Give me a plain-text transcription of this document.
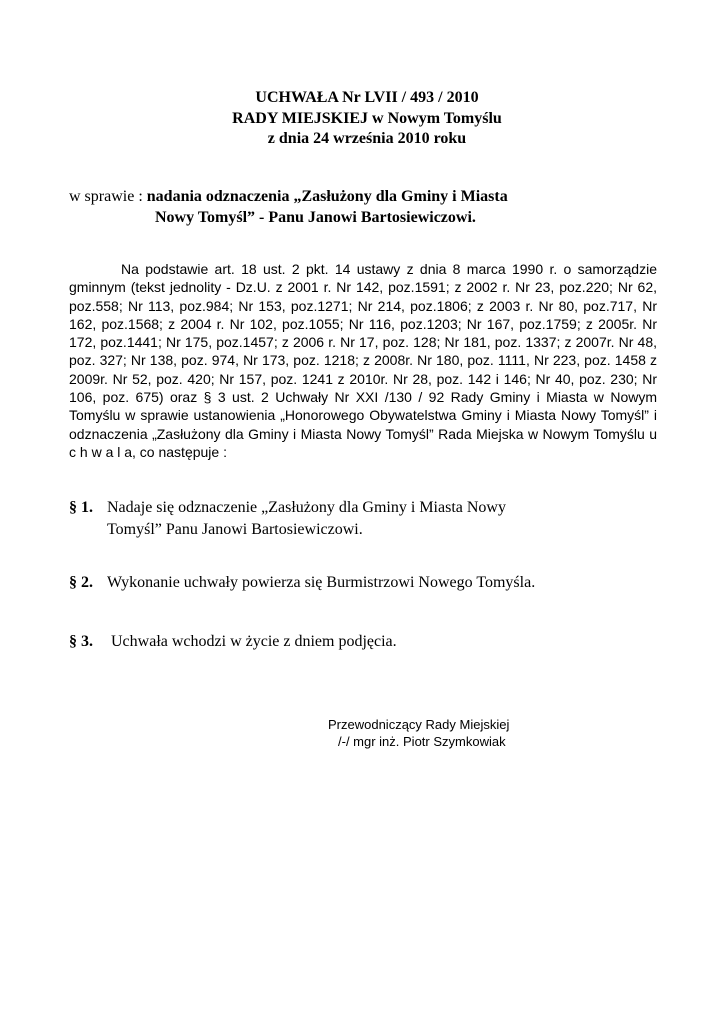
UCHWAŁA Nr LVII / 493 / 2010
RADY MIEJSKIEJ w Nowym Tomyślu
z dnia 24 września 2010 roku
w sprawie : nadania odznaczenia „Zasłużony dla Gminy i Miasta
Nowy Tomyśl” - Panu Janowi Bartosiewiczowi.
Na podstawie art. 18 ust. 2 pkt. 14 ustawy z dnia 8 marca 1990 r. o samorządzie gminnym (tekst jednolity - Dz.U. z 2001 r. Nr 142, poz.1591; z 2002 r. Nr 23, poz.220; Nr 62, poz.558; Nr 113, poz.984; Nr 153, poz.1271; Nr 214, poz.1806; z 2003 r. Nr 80, poz.717, Nr 162, poz.1568; z 2004 r. Nr 102, poz.1055; Nr 116, poz.1203; Nr 167, poz.1759; z 2005r. Nr 172, poz.1441; Nr 175, poz.1457; z 2006 r. Nr 17, poz. 128; Nr 181, poz. 1337; z 2007r. Nr 48, poz. 327; Nr 138, poz. 974, Nr 173, poz. 1218; z 2008r. Nr 180, poz. 1111, Nr 223, poz. 1458 z 2009r. Nr 52, poz. 420; Nr 157, poz. 1241 z 2010r. Nr 28, poz. 142 i 146; Nr 40, poz. 230; Nr 106, poz. 675) oraz § 3 ust. 2 Uchwały Nr XXI /130 / 92 Rady Gminy i Miasta w Nowym Tomyślu w sprawie ustanowienia „Honorowego Obywatelstwa Gminy i Miasta Nowy Tomyśl” i odznaczenia „Zasłużony dla Gminy i Miasta Nowy Tomyśl” Rada Miejska w Nowym Tomyślu u c h w a l a, co następuje :
§ 1. Nadaje się odznaczenie „Zasłużony dla Gminy i Miasta Nowy
Tomyśl” Panu Janowi Bartosiewiczowi.
§ 2. Wykonanie uchwały powierza się Burmistrzowi Nowego Tomyśla.
§ 3. Uchwała wchodzi w życie z dniem podjęcia.
Przewodniczący Rady Miejskiej
/-/ mgr inż. Piotr Szymkowiak
